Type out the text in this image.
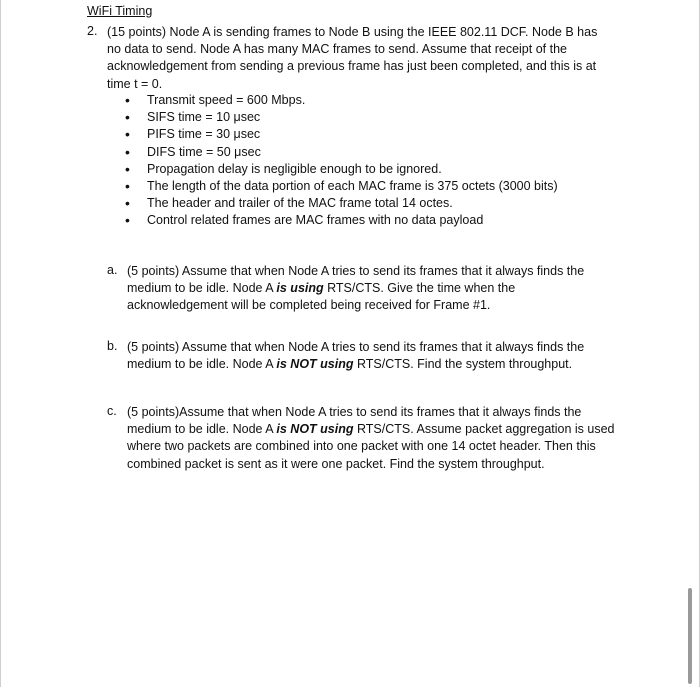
WiFi Timing
2. (15 points) Node A is sending frames to Node B using the IEEE 802.11 DCF. Node B has no data to send. Node A has many MAC frames to send. Assume that receipt of the acknowledgement from sending a previous frame has just been completed, and this is at time t = 0.
• Transmit speed = 600 Mbps.
• SIFS time = 10 μsec
• PIFS time = 30 μsec
• DIFS time = 50 μsec
• Propagation delay is negligible enough to be ignored.
• The length of the data portion of each MAC frame is 375 octets (3000 bits)
• The header and trailer of the MAC frame total 14 octes.
• Control related frames are MAC frames with no data payload
a. (5 points) Assume that when Node A tries to send its frames that it always finds the medium to be idle. Node A is using RTS/CTS. Give the time when the acknowledgement will be completed being received for Frame #1.
b. (5 points) Assume that when Node A tries to send its frames that it always finds the medium to be idle. Node A is NOT using RTS/CTS. Find the system throughput.
c. (5 points)Assume that when Node A tries to send its frames that it always finds the medium to be idle. Node A is NOT using RTS/CTS. Assume packet aggregation is used where two packets are combined into one packet with one 14 octet header. Then this combined packet is sent as it were one packet. Find the system throughput.
